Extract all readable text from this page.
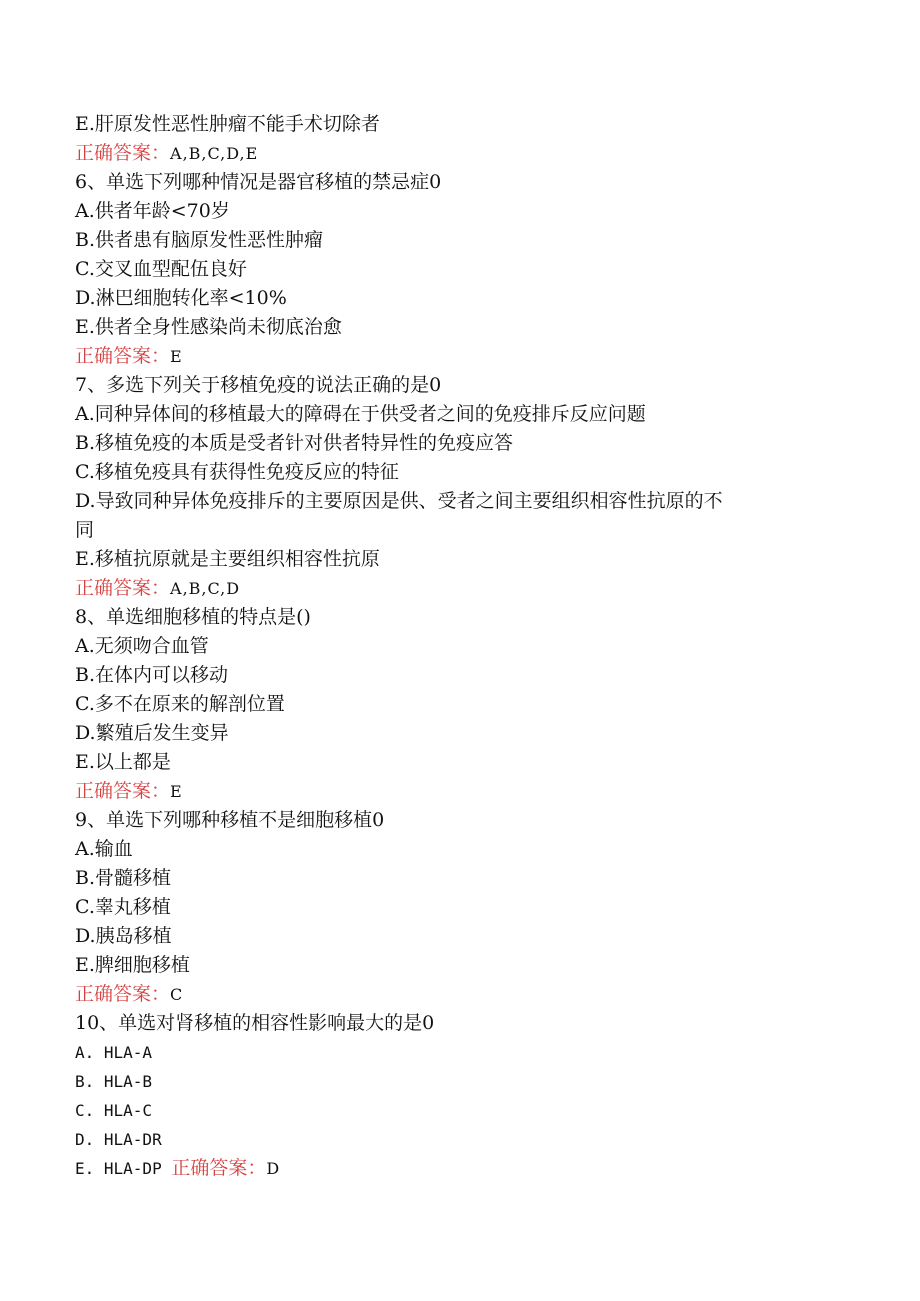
E.肝原发性恶性肿瘤不能手术切除者
正确答案：A,B,C,D,E
6、单选下列哪种情况是器官移植的禁忌症0
A.供者年龄<70岁
B.供者患有脑原发性恶性肿瘤
C.交叉血型配伍良好
D.淋巴细胞转化率<10%
E.供者全身性感染尚未彻底治愈
正确答案：E
7、多选下列关于移植免疫的说法正确的是0
A.同种异体间的移植最大的障碍在于供受者之间的免疫排斥反应问题
B.移植免疫的本质是受者针对供者特异性的免疫应答
C.移植免疫具有获得性免疫反应的特征
D.导致同种异体免疫排斥的主要原因是供、受者之间主要组织相容性抗原的不
同
E.移植抗原就是主要组织相容性抗原
正确答案：A,B,C,D
8、单选细胞移植的特点是()
A.无须吻合血管
B.在体内可以移动
C.多不在原来的解剖位置
D.繁殖后发生变异
E.以上都是
正确答案：E
9、单选下列哪种移植不是细胞移植0
A.输血
B.骨髓移植
C.睾丸移植
D.胰岛移植
E.脾细胞移植
正确答案：C
10、单选对肾移植的相容性影响最大的是0
A. HLA-A
B. HLA-B
C. HLA-C
D. HLA-DR
E. HLA-DP 正确答案：D
